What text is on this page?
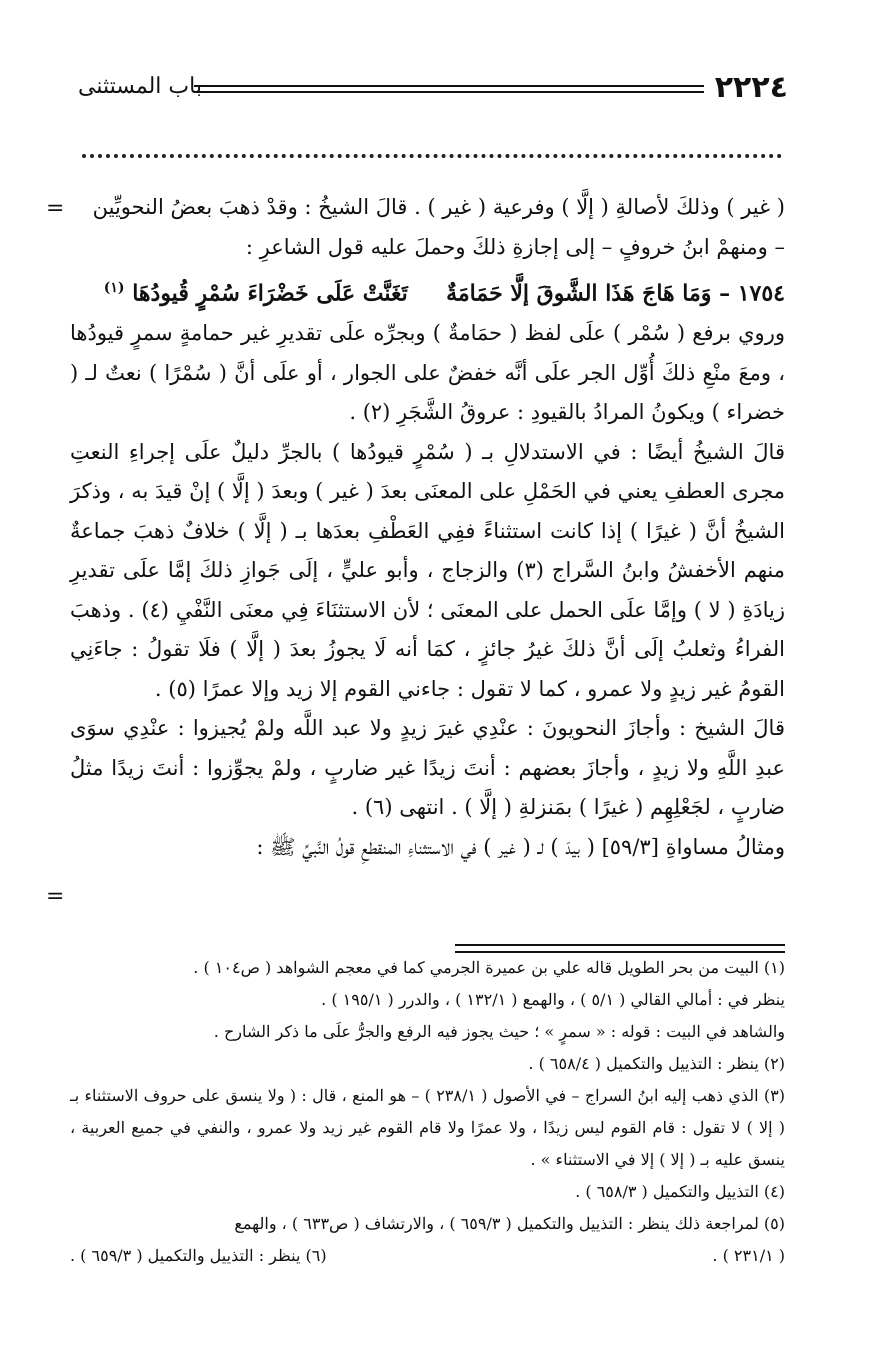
٢٢٢٤
باب المستثنى
=	( غير ) وذلكَ لأصالةِ ( إلَّا ) وفرعية ( غير ) . قالَ الشيخُ : وقدْ ذهبَ بعضُ النحويِّين

– ومنهمْ ابنُ خروفٍ – إلى إجازةِ ذلكَ وحملَ عليه قول الشاعرِ :

١٧٥٤ – وَمَا هَاجَ هَذَا الشَّوقَ إلَّا حَمَامَةٌ     تَغَنَّتْ عَلَى خَضْرَاءَ سُمْرٍ قُيودُهَا $^{(١)}$

وروي برفع ( سُمْر ) علَى لفظ ( حمَامةٌ ) وبجرِّه علَى تقديرِ غير حمامةٍ سمرٍ قيودُها ، ومعَ منْعِ ذلكَ أُوِّل الجر علَى أنَّه خفضٌ على الجوار ، أو علَى أنَّ ( سُمْرًا ) نعتٌ لـ ( خضراء ) ويكونُ المرادُ بالقيودِ : عروقُ الشَّجَرِ (٢) .

قالَ الشيخُ أيضًا : في الاستدلالِ بـ ( سُمْرٍ قيودُها ) بالجرِّ دليلٌ علَى إجراءِ النعتِ مجرى العطفِ يعني في الحَمْلِ على المعنَى بعدَ ( غير ) وبعدَ ( إلَّا ) إنْ قيدَ به ، وذكرَ الشيخُ أنَّ ( غيرًا ) إذا كانت استثناءً ففِي العَطْفِ بعدَها بـ ( إلَّا ) خلافٌ ذهبَ جماعةٌ منهم الأخفشُ وابنُ السَّراج (٣) والزجاج ، وأبو عليٍّ ، إلَى جَوازِ ذلكَ إمَّا علَى تقديرِ زيادَةِ ( لا ) وإمَّا علَى الحمل على المعنَى ؛ لأن الاستثنَاءَ فِي معنَى النَّفْيِ (٤) . وذهبَ الفراءُ وثعلبُ إلَى أنَّ ذلكَ غيرُ جائزٍ ، كمَا أنه لَا يجوزُ بعدَ ( إلَّا ) فلَا تقولُ : جاءَنِي القومُ غير زيدٍ ولا عمرو ، كما لا تقول : جاءني القوم إلا زيد وإلا عمرًا (٥) .

قالَ الشيخ : وأجازَ النحويونَ : عنْدِي غيرَ زيدٍ ولا عبد اللَّه ولمْ يُجيزوا : عنْدِي سوَى عبدِ اللَّهِ ولا زيدٍ ، وأجازَ بعضهم : أنتَ زيدًا غير ضاربٍ ، ولمْ يجوِّزوا : أنتَ زيدًا مثلُ ضاربٍ ، لجَعْلِهِم ( غيرًا ) بمَنزلةِ ( إلَّا ) . انتهى (٦) .

ومثالُ مساواةِ [٥٩/٣] ( بيدَ ) لـ ( غير ) في الاستثناءِ المنقطعِ قولُ النَّبيِّ ﷺ :

=

(١) البيت من بحر الطويل قاله علي بن عميرة الجرمي كما في معجم الشواهد ( ص١٠٤ ) .

ينظر في : أمالي القالي ( ٥/١ ) ، والهمع ( ١٣٢/١ ) ، والدرر ( ١٩٥/١ ) .

والشاهد في البيت : قوله : « سمرٍ » ؛ حيث يجوز فيه الرفع والجرُّ علَى ما ذكر الشارح .

(٢) ينظر : التذييل والتكميل ( ٦٥٨/٤ ) .

(٣) الذي ذهب إليه ابنُ السراج – في الأصول ( ٢٣٨/١ ) – هو المنع ، قال : ( ولا ينسق على حروف الاستثناء بـ ( إلا ) لا تقول : قام القوم ليس زيدًا ، ولا عمرًا ولا قام القوم غير زيد ولا عمرو ، والنفي في جميع العربية ، ينسق عليه بـ ( إلا ) إلا في الاستثناء » .

(٤) التذييل والتكميل ( ٦٥٨/٣ ) .

(٥) لمراجعة ذلك ينظر : التذييل والتكميل ( ٦٥٩/٣ ) ، والارتشاف ( ص٦٣٣ ) ، والهمع

( ٢٣١/١ ) .
(٦) ينظر : التذييل والتكميل ( ٦٥٩/٣ ) .
